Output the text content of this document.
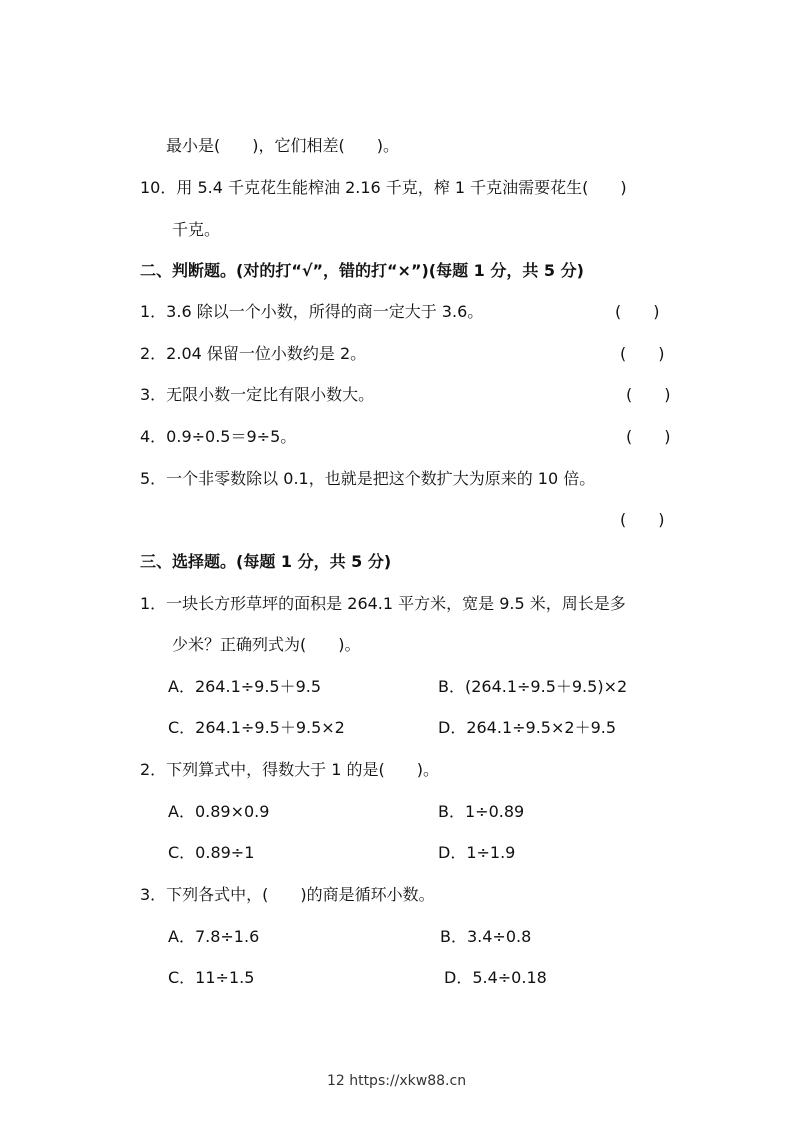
最小是(　　)，它们相差(　　)。
10．用 5.4 千克花生能榨油 2.16 千克，榨 1 千克油需要花生(　　)
千克。
二、判断题。(对的打“√”，错的打“×”)(每题 1 分，共 5 分)
1．3.6 除以一个小数，所得的商一定大于 3.6。	(　　)
2．2.04 保留一位小数约是 2。	(　　)
3．无限小数一定比有限小数大。	(　　)
4．0.9÷0.5＝9÷5。	(　　)
5．一个非零数除以 0.1，也就是把这个数扩大为原来的 10 倍。
(　　)
三、选择题。(每题 1 分，共 5 分)
1．一块长方形草坪的面积是 264.1 平方米，宽是 9.5 米，周长是多
少米？正确列式为(　　)。
A．264.1÷9.5＋9.5	B．(264.1÷9.5＋9.5)×2
C．264.1÷9.5＋9.5×2	D．264.1÷9.5×2＋9.5
2．下列算式中，得数大于 1 的是(　　)。
A．0.89×0.9	B．1÷0.89
C．0.89÷1	D．1÷1.9
3．下列各式中，(　　)的商是循环小数。
A．7.8÷1.6	B．3.4÷0.8
C．11÷1.5	D．5.4÷0.18
12 https://xkw88.cn
